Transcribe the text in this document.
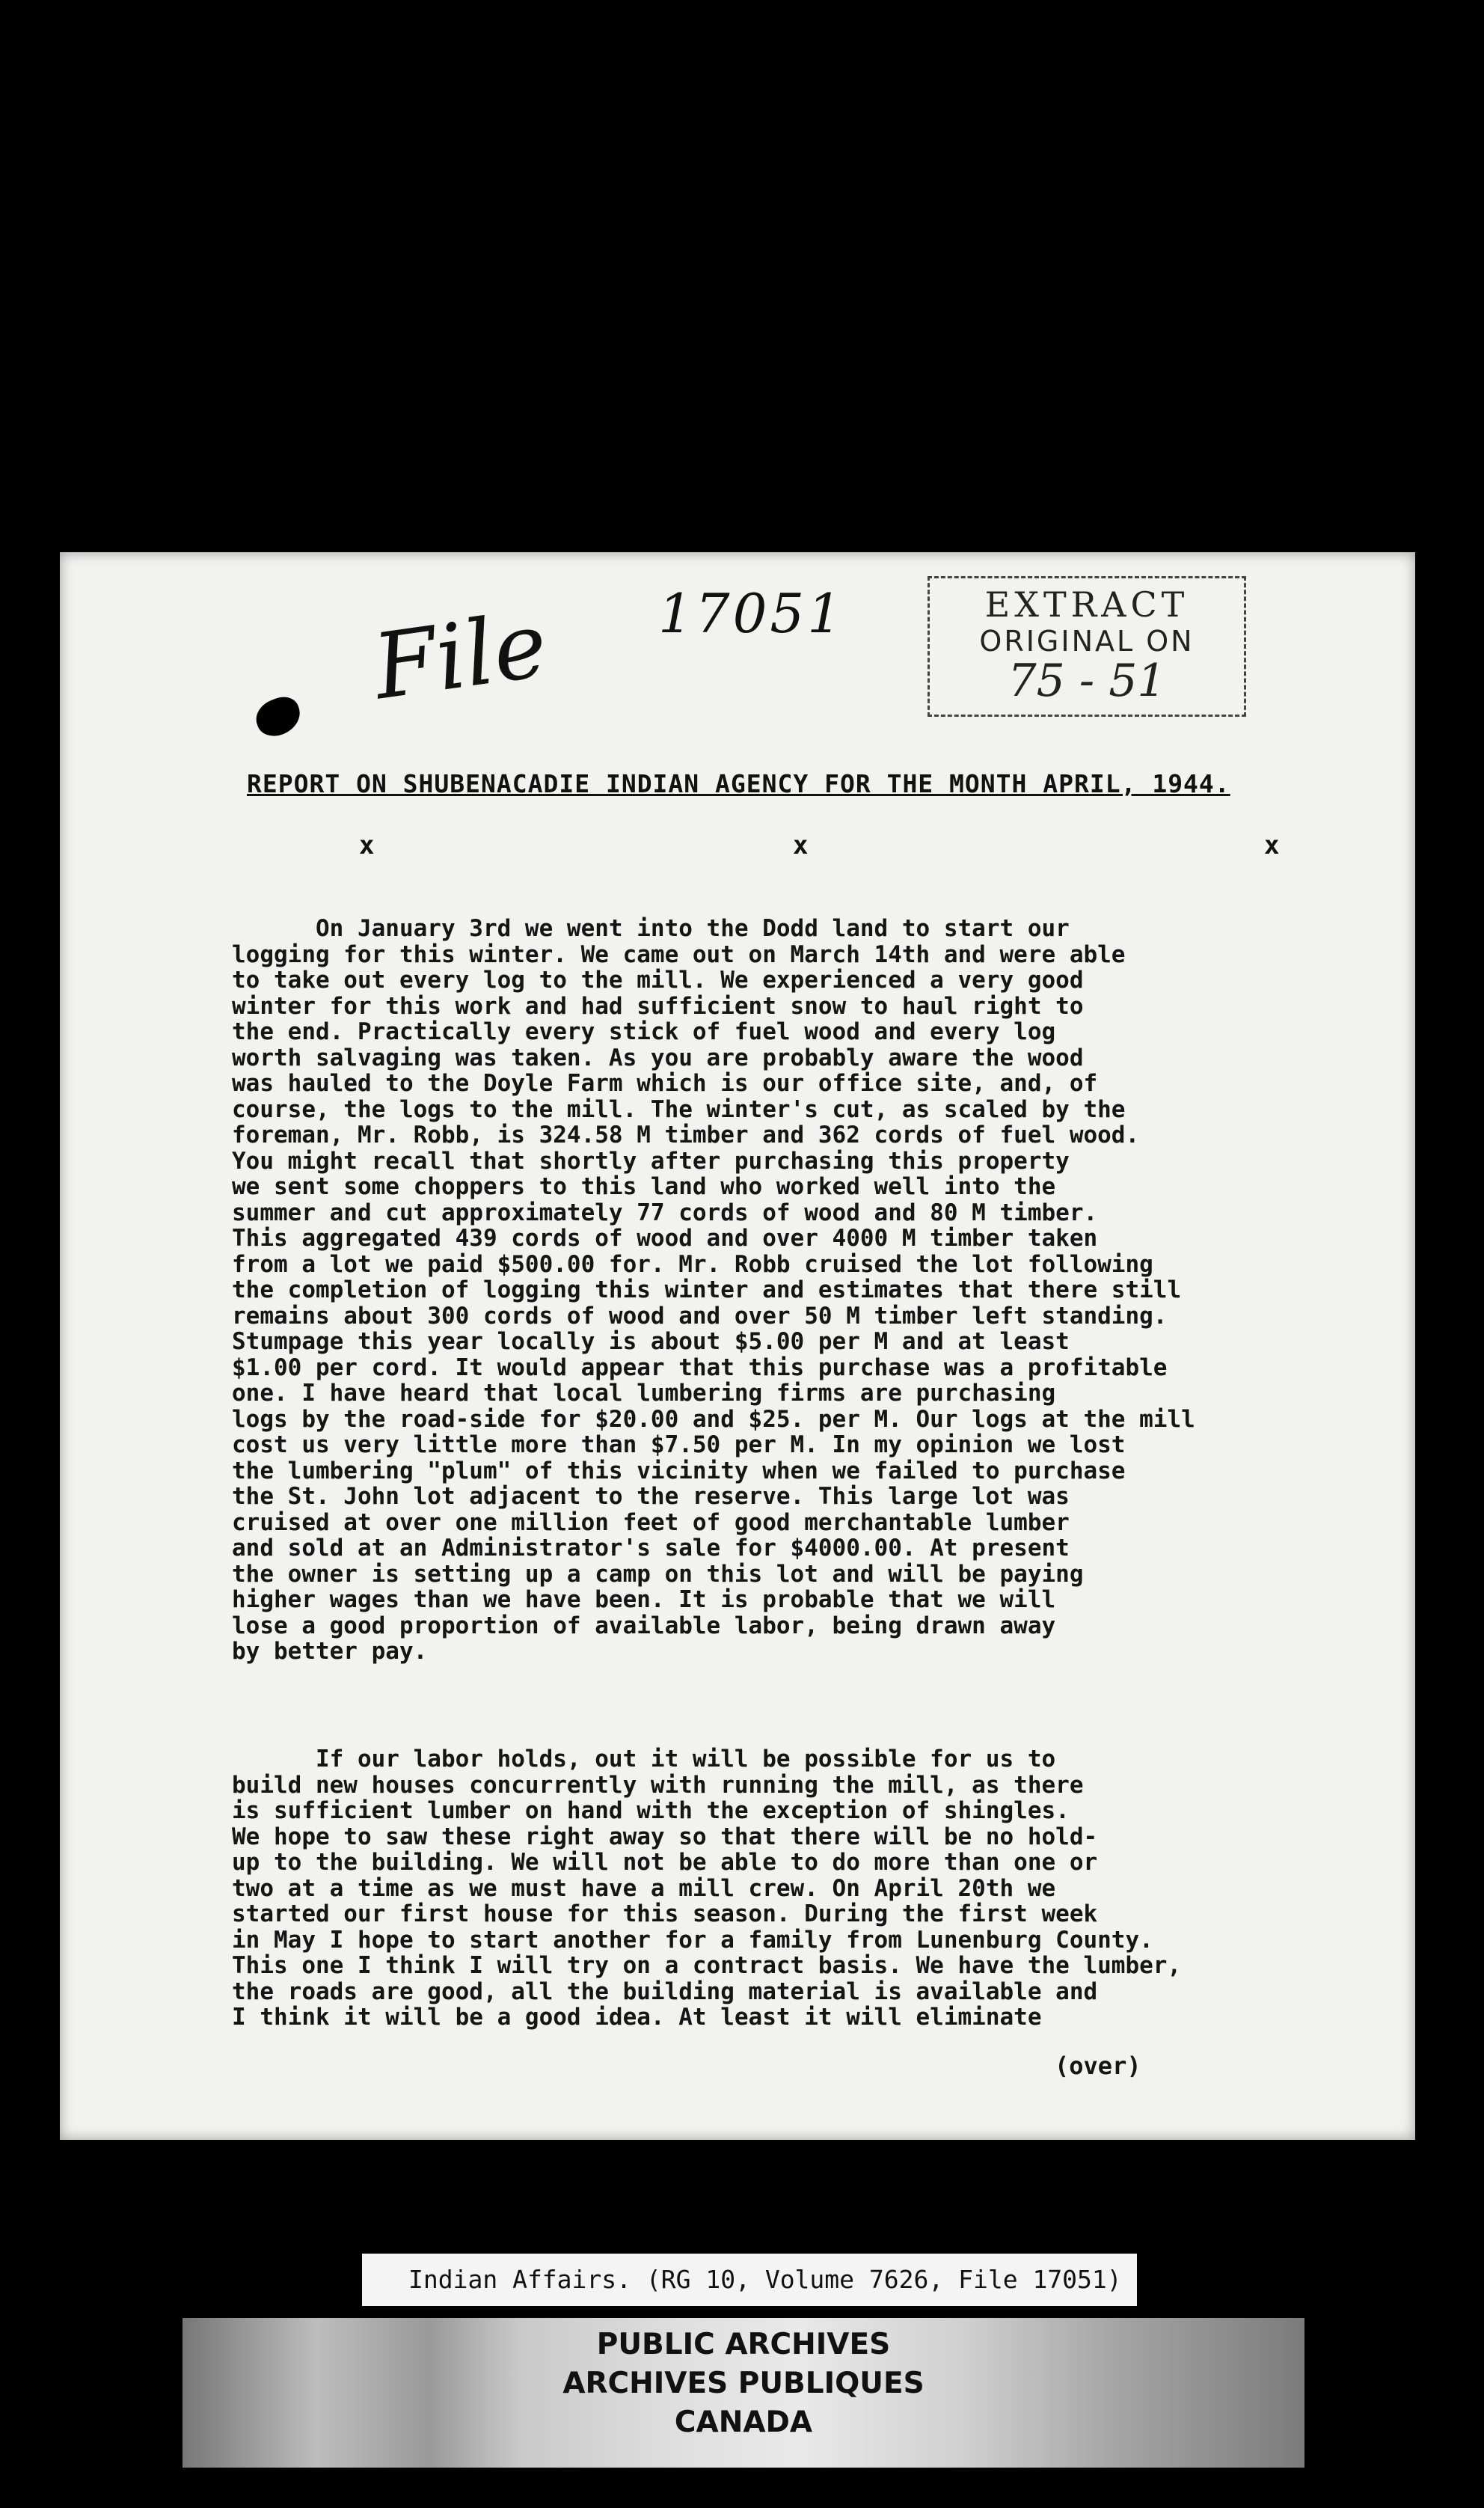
File 17051	EXTRACT
ORIGINAL ON
75 - 51
REPORT ON SHUBENACADIE INDIAN AGENCY FOR THE MONTH APRIL, 1944.
x	x	x
On January 3rd we went into the Dodd land to start our
logging for this winter. We came out on March 14th and were able
to take out every log to the mill. We experienced a very good
winter for this work and had sufficient snow to haul right to
the end. Practically every stick of fuel wood and every log
worth salvaging was taken. As you are probably aware the wood
was hauled to the Doyle Farm which is our office site, and, of
course, the logs to the mill. The winter's cut, as scaled by the
foreman, Mr. Robb, is 324.58 M timber and 362 cords of fuel wood.
You might recall that shortly after purchasing this property
we sent some choppers to this land who worked well into the
summer and cut approximately 77 cords of wood and 80 M timber.
This aggregated 439 cords of wood and over 4000 M timber taken
from a lot we paid $500.00 for. Mr. Robb cruised the lot following
the completion of logging this winter and estimates that there still
remains about 300 cords of wood and over 50 M timber left standing.
Stumpage this year locally is about $5.00 per M and at least
$1.00 per cord. It would appear that this purchase was a profitable
one. I have heard that local lumbering firms are purchasing
logs by the road-side for $20.00 and $25. per M. Our logs at the mill
cost us very little more than $7.50 per M. In my opinion we lost
the lumbering "plum" of this vicinity when we failed to purchase
the St. John lot adjacent to the reserve. This large lot was
cruised at over one million feet of good merchantable lumber
and sold at an Administrator's sale for $4000.00. At present
the owner is setting up a camp on this lot and will be paying
higher wages than we have been. It is probable that we will
lose a good proportion of available labor, being drawn away
by better pay.
If our labor holds, out it will be possible for us to
build new houses concurrently with running the mill, as there
is sufficient lumber on hand with the exception of shingles.
We hope to saw these right away so that there will be no hold-
up to the building. We will not be able to do more than one or
two at a time as we must have a mill crew. On April 20th we
started our first house for this season. During the first week
in May I hope to start another for a family from Lunenburg County.
This one I think I will try on a contract basis. We have the lumber,
the roads are good, all the building material is available and
I think it will be a good idea. At least it will eliminate
(over)
Indian Affairs. (RG 10, Volume 7626, File 17051)
PUBLIC ARCHIVES
ARCHIVES PUBLIQUES
CANADA
